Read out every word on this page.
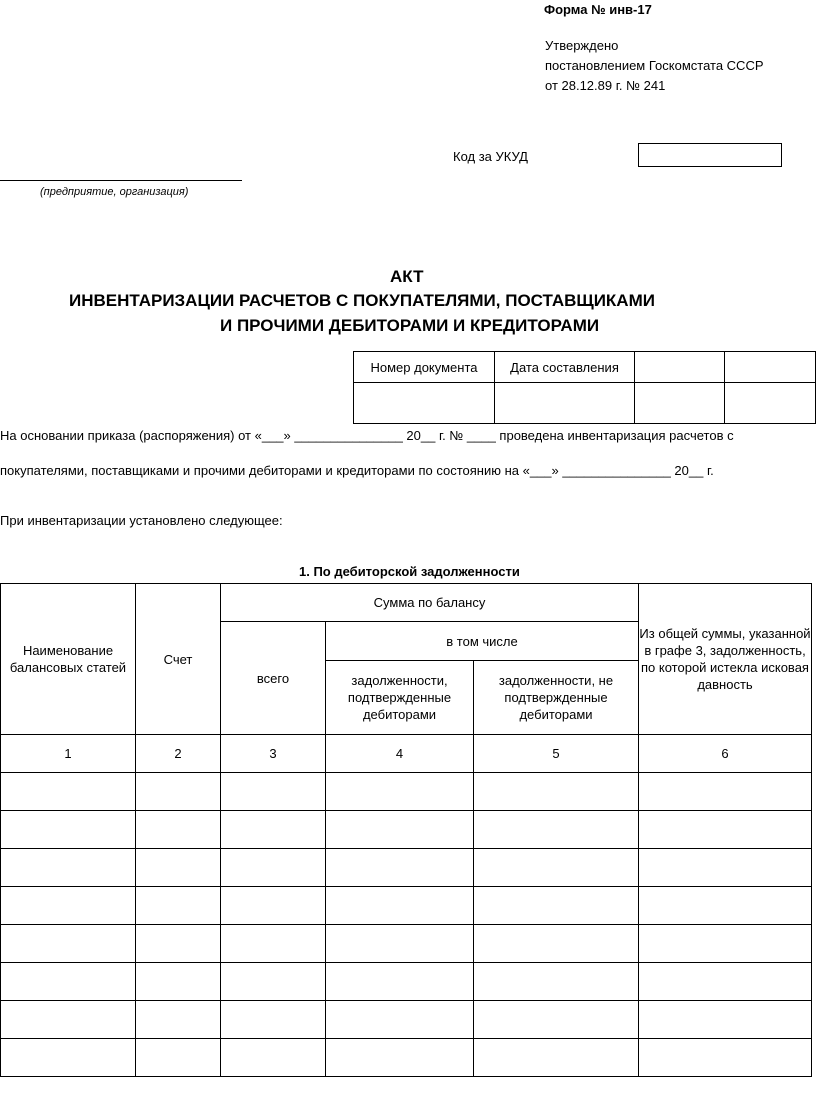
Форма № инв-17
Утверждено
постановлением Госкомстата СССР
от 28.12.89 г. № 241
Код за УКУД
(предприятие, организация)
АКТ
ИНВЕНТАРИЗАЦИИ РАСЧЕТОВ С ПОКУПАТЕЛЯМИ, ПОСТАВЩИКАМИ
И ПРОЧИМИ ДЕБИТОРАМИ И КРЕДИТОРАМИ
Номер документа	Дата составления		

На основании приказа (распоряжения) от «___» _______________ 20__ г. № ____ проведена инвентаризация расчетов с
покупателями, поставщиками и прочими дебиторами и кредиторами по состоянию на «___» _______________ 20__ г.
При инвентаризации установлено следующее:
1. По дебиторской задолженности
Наименование балансовых статей	Счет	Сумма по балансу			Из общей суммы, указанной в графе 3, задолженность, по которой истекла исковая давность
		всего	в том числе		
			задолженности, подтвержденные дебиторами	задолженности, не подтвержденные дебиторами	
1	2	3	4	5	6
